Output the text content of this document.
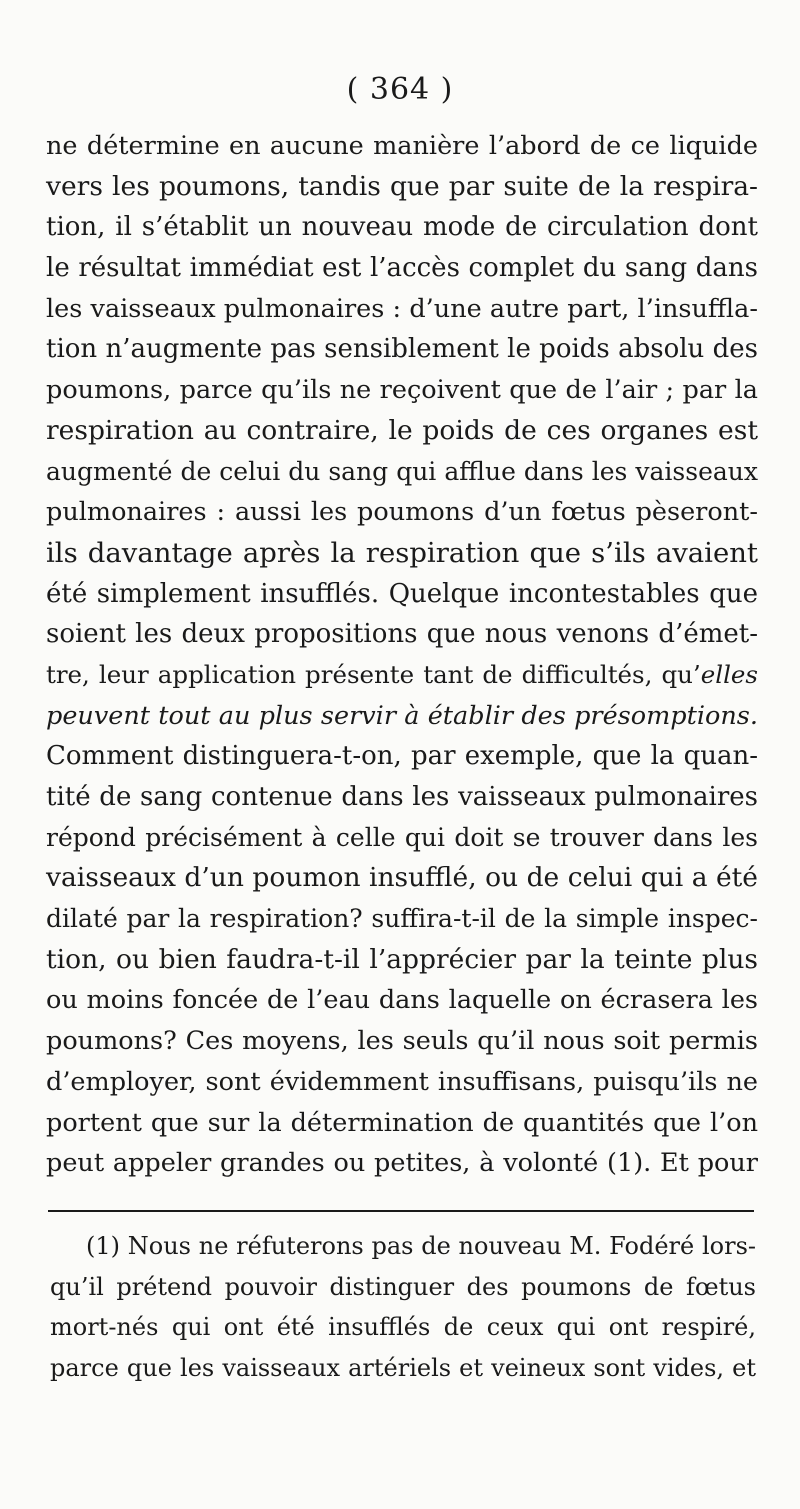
( 364 )
ne détermine en aucune manière l’abord de ce liquide
vers les poumons, tandis que par suite de la respira-
tion, il s’établit un nouveau mode de circulation dont
le résultat immédiat est l’accès complet du sang dans
les vaisseaux pulmonaires : d’une autre part, l’insuffla-
tion n’augmente pas sensiblement le poids absolu des
poumons, parce qu’ils ne reçoivent que de l’air ; par la
respiration au contraire, le poids de ces organes est
augmenté de celui du sang qui afflue dans les vaisseaux
pulmonaires : aussi les poumons d’un fœtus pèseront-
ils davantage après la respiration que s’ils avaient
été simplement insufflés. Quelque incontestables que
soient les deux propositions que nous venons d’émet-
tre, leur application présente tant de difficultés, qu’elles
peuvent tout au plus servir à établir des présomptions.
Comment distinguera-t-on, par exemple, que la quan-
tité de sang contenue dans les vaisseaux pulmonaires
répond précisément à celle qui doit se trouver dans les
vaisseaux d’un poumon insufflé, ou de celui qui a été
dilaté par la respiration? suffira-t-il de la simple inspec-
tion, ou bien faudra-t-il l’apprécier par la teinte plus
ou moins foncée de l’eau dans laquelle on écrasera les
poumons? Ces moyens, les seuls qu’il nous soit permis
d’employer, sont évidemment insuffisans, puisqu’ils ne
portent que sur la détermination de quantités que l’on
peut appeler grandes ou petites, à volonté (1). Et pour
(1) Nous ne réfuterons pas de nouveau M. Fodéré lors-
qu’il prétend pouvoir distinguer des poumons de fœtus
mort-nés qui ont été insufflés de ceux qui ont respiré,
parce que les vaisseaux artériels et veineux sont vides, et
